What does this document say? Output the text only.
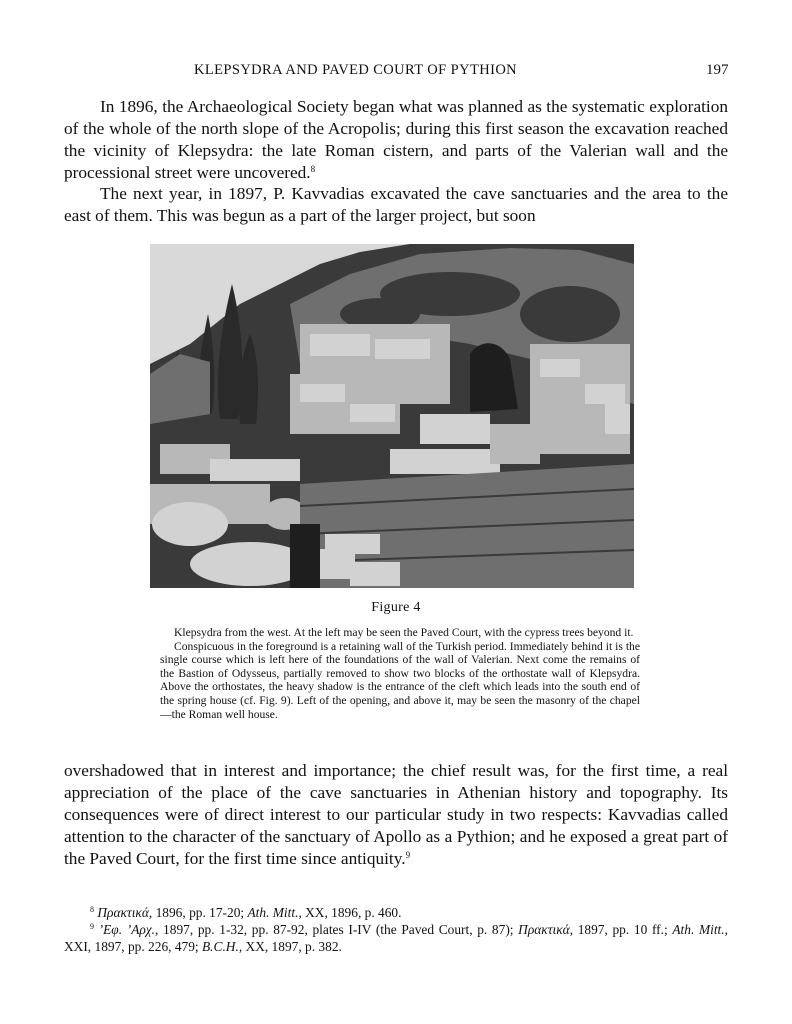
KLEPSYDRA AND PAVED COURT OF PYTHION	197

In 1896, the Archaeological Society began what was planned as the systematic exploration of the whole of the north slope of the Acropolis; during this first season the excavation reached the vicinity of Klepsydra: the late Roman cistern, and parts of the Valerian wall and the processional street were uncovered.$^8$

The next year, in 1897, P. Kavvadias excavated the cave sanctuaries and the area to the east of them. This was begun as a part of the larger project, but soon

Figure 4

Klepsydra from the west. At the left may be seen the Paved Court, with the cypress trees beyond it.

Conspicuous in the foreground is a retaining wall of the Turkish period. Immediately behind it is the single course which is left here of the foundations of the wall of Valerian. Next come the remains of the Bastion of Odysseus, partially removed to show two blocks of the orthostate wall of Klepsydra. Above the orthostates, the heavy shadow is the entrance of the cleft which leads into the south end of the spring house (cf. Fig. 9). Left of the opening, and above it, may be seen the masonry of the chapel—the Roman well house.

overshadowed that in interest and importance; the chief result was, for the first time, a real appreciation of the place of the cave sanctuaries in Athenian history and topography. Its consequences were of direct interest to our particular study in two respects: Kavvadias called attention to the character of the sanctuary of Apollo as a Pythion; and he exposed a great part of the Paved Court, for the first time since antiquity.$^9$

$^8$ Πρακτικά, 1896, pp. 17-20; Ath. Mitt., XX, 1896, p. 460.

$^9$ ’Εφ. ’Αρχ., 1897, pp. 1-32, pp. 87-92, plates I-IV (the Paved Court, p. 87); Πρακτικά, 1897, pp. 10 ff.; Ath. Mitt., XXI, 1897, pp. 226, 479; B.C.H., XX, 1897, p. 382.
